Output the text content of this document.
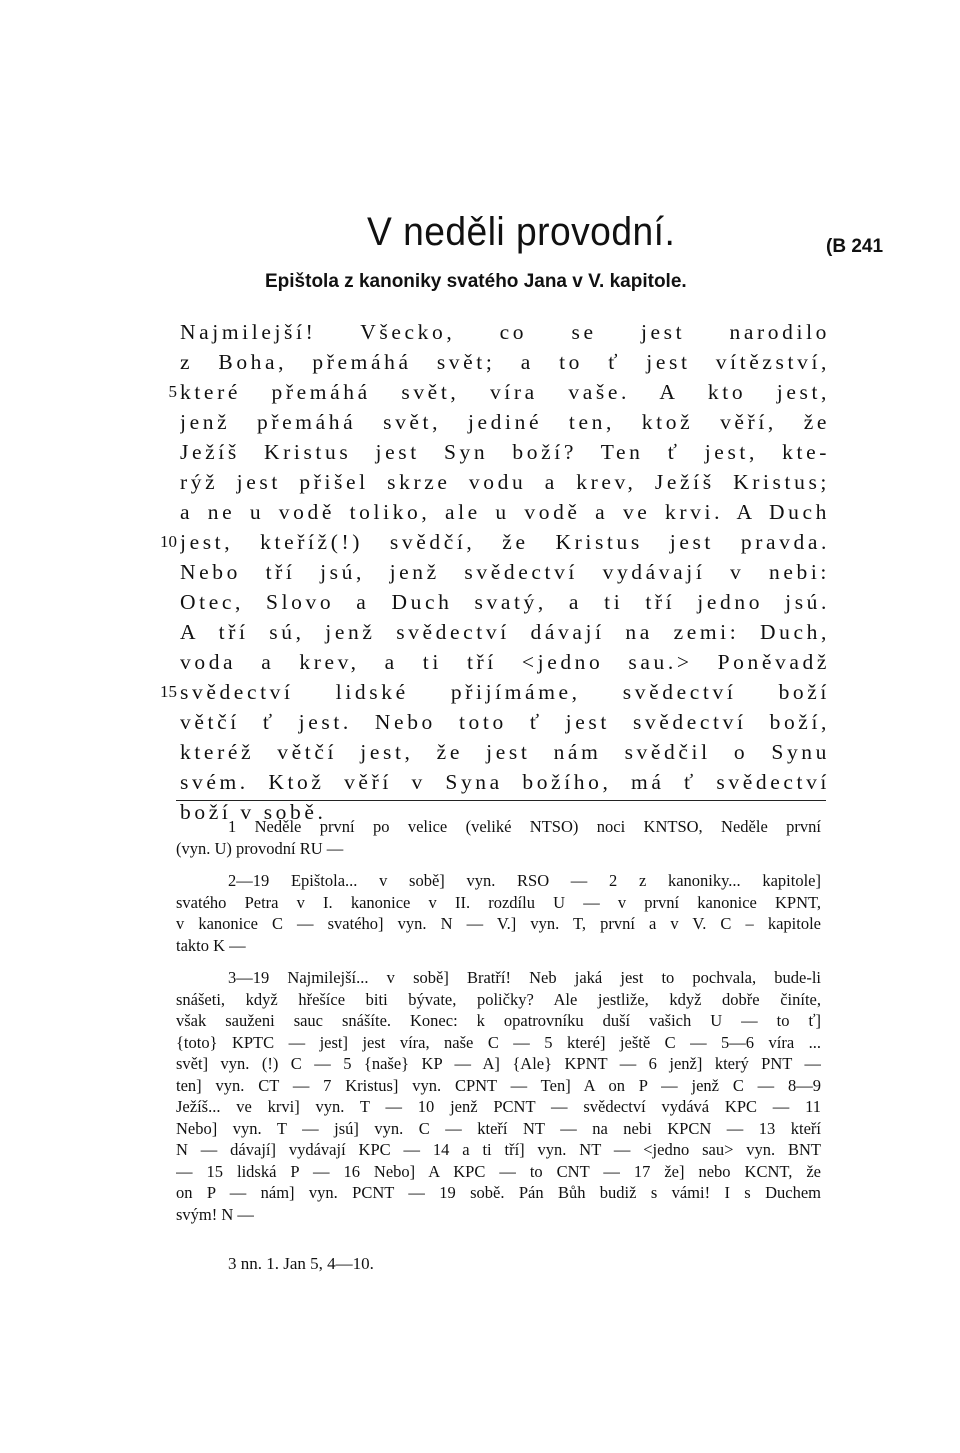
V neděli provodní.	(B 241
Epištola z kanoniky svatého Jana v V. kapitole.
5
10
15
Najmilejší! Všecko, co se jest narodilo
z Boha, přemáhá svět; a to ť jest vítězství,
které přemáhá svět, víra vaše. A kto jest,
jenž přemáhá svět, jediné ten, ktož věří, že
Ježíš Kristus jest Syn boží? Ten ť jest, kte-
rýž jest přišel skrze vodu a krev, Ježíš Kristus;
a ne u vodě toliko, ale u vodě a ve krvi. A Duch
jest, kteříž(!) svědčí, že Kristus jest pravda.
Nebo tří jsú, jenž svědectví vydávají v nebi:
Otec, Slovo a Duch svatý, a ti tří jedno jsú.
A tří sú, jenž svědectví dávají na zemi: Duch,
voda a krev, a ti tří <jedno sau.> Poněvadž
svědectví lidské přijímáme, svědectví boží
větčí ť jest. Nebo toto ť jest svědectví boží,
kteréž větčí jest, že jest nám svědčil o Synu
svém. Ktož věří v Syna božího, má ť svědectví
boží v sobě.
1 Neděle první po velice (veliké NTSO) noci KNTSO, Neděle první
(vyn. U) provodní RU —
2—19 Epištola... v sobě] vyn. RSO — 2 z kanoniky... kapitole]
svatého Petra v I. kanonice v II. rozdílu U — v první kanonice KPNT,
v kanonice C — svatého] vyn. N — V.] vyn. T, první a v V. C – kapitole
takto K —
3—19 Najmilejší... v sobě] Bratří! Neb jaká jest to pochvala, bude-li
snášeti, když hřešíce biti bývate, poličky? Ale jestliže, když dobře činíte,
však sauženi sauc snášíte. Konec: k opatrovníku duší vašich U — to ť]
{toto} KPTC — jest] jest víra, naše C — 5 které] ještě C — 5—6 víra ...
svět] vyn. (!) C — 5 {naše} KP — A] {Ale} KPNT — 6 jenž] který PNT —
ten] vyn. CT — 7 Kristus] vyn. CPNT — Ten] A on P — jenž C — 8—9
Ježíš... ve krvi] vyn. T — 10 jenž PCNT — svědectví vydává KPC — 11
Nebo] vyn. T — jsú] vyn. C — kteří NT — na nebi KPCN — 13 kteří
N — dávají] vydávají KPC — 14 a ti tří] vyn. NT — <jedno sau> vyn. BNT
— 15 lidská P — 16 Nebo] A KPC — to CNT — 17 že] nebo KCNT, že
on P — nám] vyn. PCNT — 19 sobě. Pán Bůh budiž s vámi! I s Duchem
svým! N —
3 nn. 1. Jan 5, 4—10.
